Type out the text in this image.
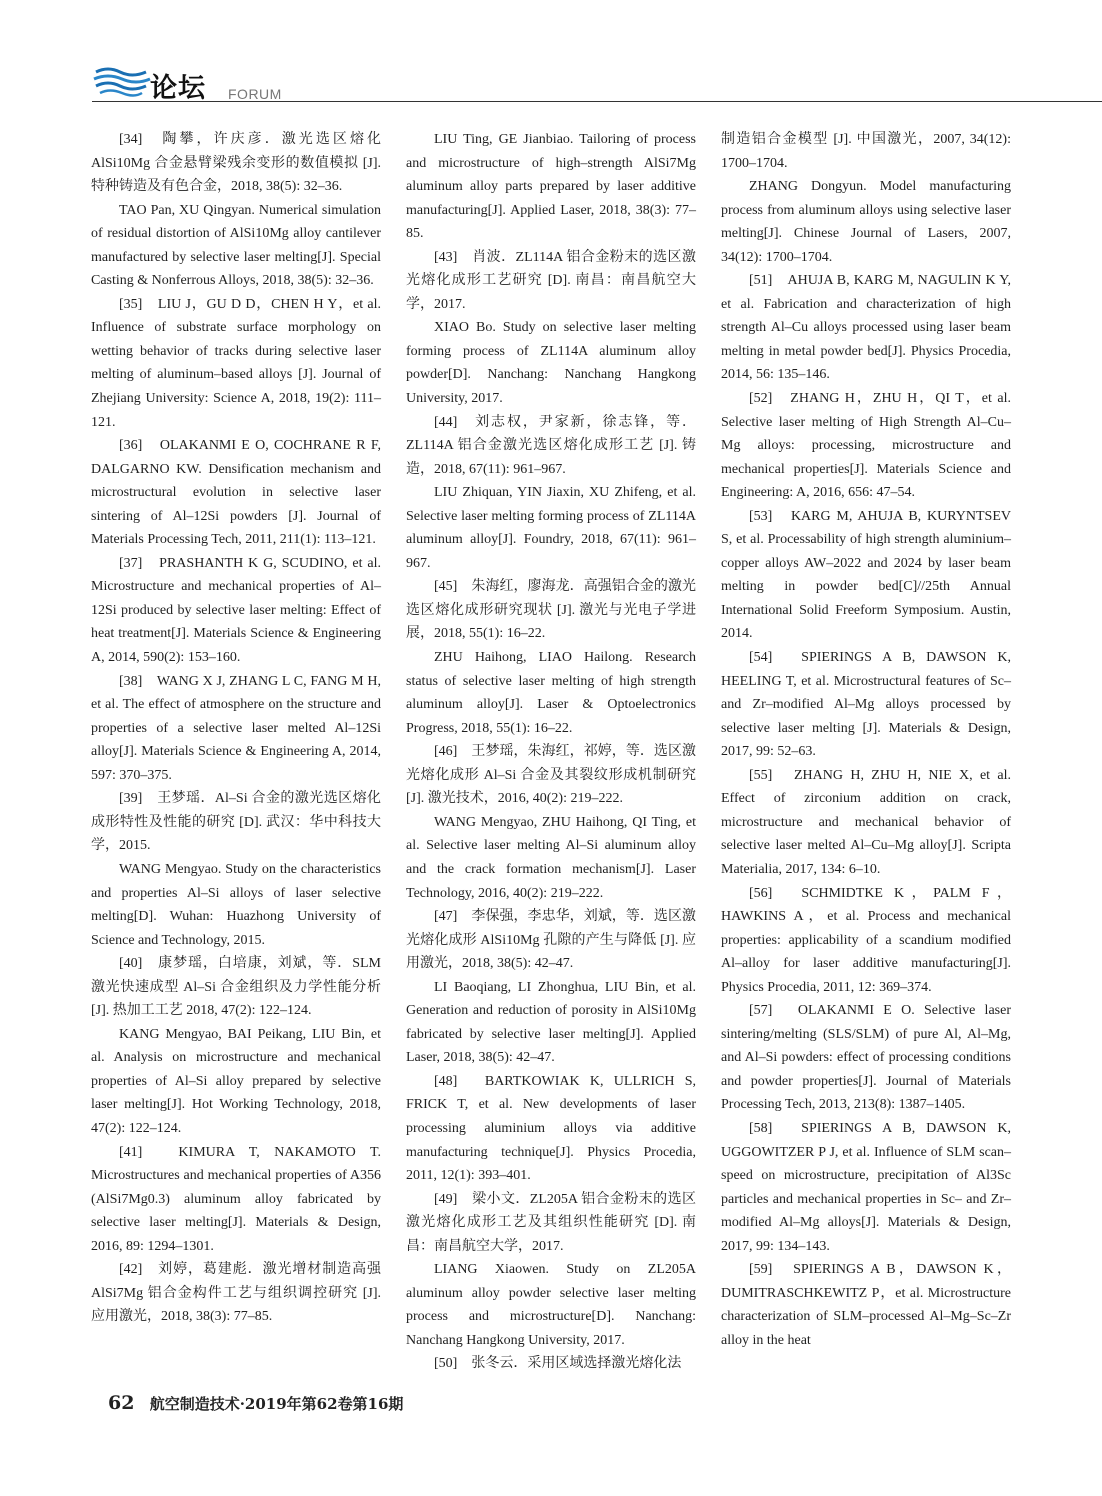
论坛 FORUM

[34]　陶攀，许庆彦．激光选区熔化AlSi10Mg 合金悬臂梁残余变形的数值模拟 [J]. 特种铸造及有色合金，2018, 38(5): 32–36.

TAO Pan, XU Qingyan. Numerical simulation of residual distortion of AlSi10Mg alloy cantilever manufactured by selective laser melting[J]. Special Casting & Nonferrous Alloys, 2018, 38(5): 32–36.

[35]　LIU J，GU D D，CHEN H Y，et al. Influence of substrate surface morphology on wetting behavior of tracks during selective laser melting of aluminum–based alloys [J]. Journal of Zhejiang University: Science A, 2018, 19(2): 111–121.

[36]　OLAKANMI E O, COCHRANE R F, DALGARNO KW. Densification mechanism and microstructural evolution in selective laser sintering of Al–12Si powders [J]. Journal of Materials Processing Tech, 2011, 211(1): 113–121.

[37]　PRASHANTH K G, SCUDINO, et al. Microstructure and mechanical properties of Al–12Si produced by selective laser melting: Effect of heat treatment[J]. Materials Science & Engineering A, 2014, 590(2): 153–160.

[38]　WANG X J, ZHANG L C, FANG M H, et al. The effect of atmosphere on the structure and properties of a selective laser melted Al–12Si alloy[J]. Materials Science & Engineering A, 2014, 597: 370–375.

[39]　王梦瑶．Al–Si 合金的激光选区熔化成形特性及性能的研究 [D]. 武汉：华中科技大学，2015.

WANG Mengyao. Study on the characteristics and properties Al–Si alloys of laser selective melting[D]. Wuhan: Huazhong University of Science and Technology, 2015.

[40]　康梦瑶，白培康，刘斌，等．SLM 激光快速成型 Al–Si 合金组织及力学性能分析 [J]. 热加工工艺 2018, 47(2): 122–124.

KANG Mengyao, BAI Peikang, LIU Bin, et al. Analysis on microstructure and mechanical properties of Al–Si alloy prepared by selective laser melting[J]. Hot Working Technology, 2018, 47(2): 122–124.

[41]　KIMURA T, NAKAMOTO T. Microstructures and mechanical properties of A356 (AlSi7Mg0.3) aluminum alloy fabricated by selective laser melting[J]. Materials & Design, 2016, 89: 1294–1301.

[42]　刘婷，葛建彪．激光增材制造高强 AlSi7Mg 铝合金构件工艺与组织调控研究 [J]. 应用激光，2018, 38(3): 77–85.

LIU Ting, GE Jianbiao. Tailoring of process and microstructure of high–strength AlSi7Mg aluminum alloy parts prepared by laser additive manufacturing[J]. Applied Laser, 2018, 38(3): 77–85.

[43]　肖波．ZL114A 铝合金粉末的选区激光熔化成形工艺研究 [D]. 南昌：南昌航空大学，2017.

XIAO Bo. Study on selective laser melting forming process of ZL114A aluminum alloy powder[D]. Nanchang: Nanchang Hangkong University, 2017.

[44]　刘志权，尹家新，徐志锋，等．ZL114A 铝合金激光选区熔化成形工艺 [J]. 铸造，2018, 67(11): 961–967.

LIU Zhiquan, YIN Jiaxin, XU Zhifeng, et al. Selective laser melting forming process of ZL114A aluminum alloy[J]. Foundry, 2018, 67(11): 961–967.

[45]　朱海红，廖海龙．高强铝合金的激光选区熔化成形研究现状 [J]. 激光与光电子学进展，2018, 55(1): 16–22.

ZHU Haihong, LIAO Hailong. Research status of selective laser melting of high strength aluminum alloy[J]. Laser & Optoelectronics Progress, 2018, 55(1): 16–22.

[46]　王梦瑶，朱海红，祁婷，等．选区激光熔化成形 Al–Si 合金及其裂纹形成机制研究 [J]. 激光技术，2016, 40(2): 219–222.

WANG Mengyao, ZHU Haihong, QI Ting, et al. Selective laser melting Al–Si aluminum alloy and the crack formation mechanism[J]. Laser Technology, 2016, 40(2): 219–222.

[47]　李保强，李忠华，刘斌，等．选区激光熔化成形 AlSi10Mg 孔隙的产生与降低 [J]. 应用激光，2018, 38(5): 42–47.

LI Baoqiang, LI Zhonghua, LIU Bin, et al. Generation and reduction of porosity in AlSi10Mg fabricated by selective laser melting[J]. Applied Laser, 2018, 38(5): 42–47.

[48]　BARTKOWIAK K, ULLRICH S, FRICK T, et al. New developments of laser processing aluminium alloys via additive manufacturing technique[J]. Physics Procedia, 2011, 12(1): 393–401.

[49]　梁小文．ZL205A 铝合金粉末的选区激光熔化成形工艺及其组织性能研究 [D]. 南昌：南昌航空大学，2017.

LIANG Xiaowen. Study on ZL205A aluminum alloy powder selective laser melting process and microstructure[D]. Nanchang: Nanchang Hangkong University, 2017.

[50]　张冬云．采用区域选择激光熔化法

制造铝合金模型 [J]. 中国激光，2007, 34(12): 1700–1704.

ZHANG Dongyun. Model manufacturing process from aluminum alloys using selective laser melting[J]. Chinese Journal of Lasers, 2007, 34(12): 1700–1704.

[51]　AHUJA B, KARG M, NAGULIN K Y, et al. Fabrication and characterization of high strength Al–Cu alloys processed using laser beam melting in metal powder bed[J]. Physics Procedia, 2014, 56: 135–146.

[52]　ZHANG H，ZHU H，QI T，et al. Selective laser melting of High Strength Al–Cu–Mg alloys: processing, microstructure and mechanical properties[J]. Materials Science and Engineering: A, 2016, 656: 47–54.

[53]　KARG M, AHUJA B, KURYNTSEV S, et al. Processability of high strength aluminium–copper alloys AW–2022 and 2024 by laser beam melting in powder bed[C]//25th Annual International Solid Freeform Symposium. Austin, 2014.

[54]　SPIERINGS A B, DAWSON K, HEELING T, et al. Microstructural features of Sc–and Zr–modified Al–Mg alloys processed by selective laser melting [J]. Materials & Design, 2017, 99: 52–63.

[55]　ZHANG H, ZHU H, NIE X, et al. Effect of zirconium addition on crack, microstructure and mechanical behavior of selective laser melted Al–Cu–Mg alloy[J]. Scripta Materialia, 2017, 134: 6–10.

[56]　SCHMIDTKE K，PALM F，HAWKINS A，et al. Process and mechanical properties: applicability of a scandium modified Al–alloy for laser additive manufacturing[J]. Physics Procedia, 2011, 12: 369–374.

[57]　OLAKANMI E O. Selective laser sintering/melting (SLS/SLM) of pure Al, Al–Mg, and Al–Si powders: effect of processing conditions and powder properties[J]. Journal of Materials Processing Tech, 2013, 213(8): 1387–1405.

[58]　SPIERINGS A B, DAWSON K, UGGOWITZER P J, et al. Influence of SLM scan–speed on microstructure, precipitation of Al3Sc particles and mechanical properties in Sc– and Zr–modified Al–Mg alloys[J]. Materials & Design, 2017, 99: 134–143.

[59]　SPIERINGS A B，DAWSON K，DUMITRASCHKEWITZ P，et al. Microstructure characterization of SLM–processed Al–Mg–Sc–Zr alloy in the heat

62 航空制造技术·2019年第62卷第16期
